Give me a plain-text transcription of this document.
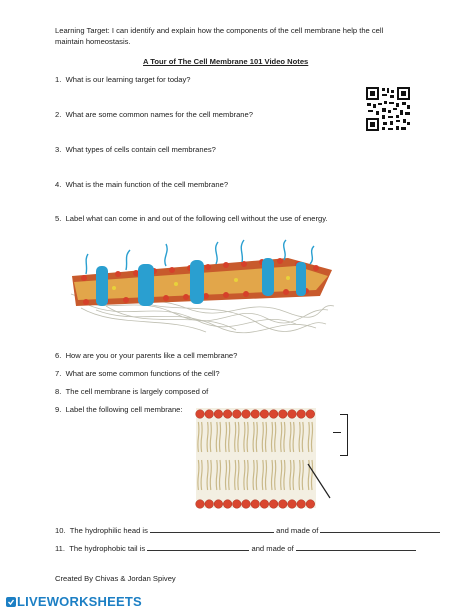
Learning Target: I can identify and explain how the components of the cell membrane help the cell
maintain homeostasis.
A Tour of The Cell Membrane 101 Video Notes
1. What is our learning target for today?
2. What are some common names for the cell membrane?
3. What types of cells contain cell membranes?
4. What is the main function of the cell membrane?
5. Label what can come in and out of the following cell without the use of energy.
6. How are you or your parents like a cell membrane?
7. What are some common functions of the cell?
8. The cell membrane is largely composed of
9. Label the following cell membrane:
10. The hydrophilic head is	and made of
11. The hydrophobic tail is	and made of
Created By Chivas & Jordan Spivey
LIVEWORKSHEETS
